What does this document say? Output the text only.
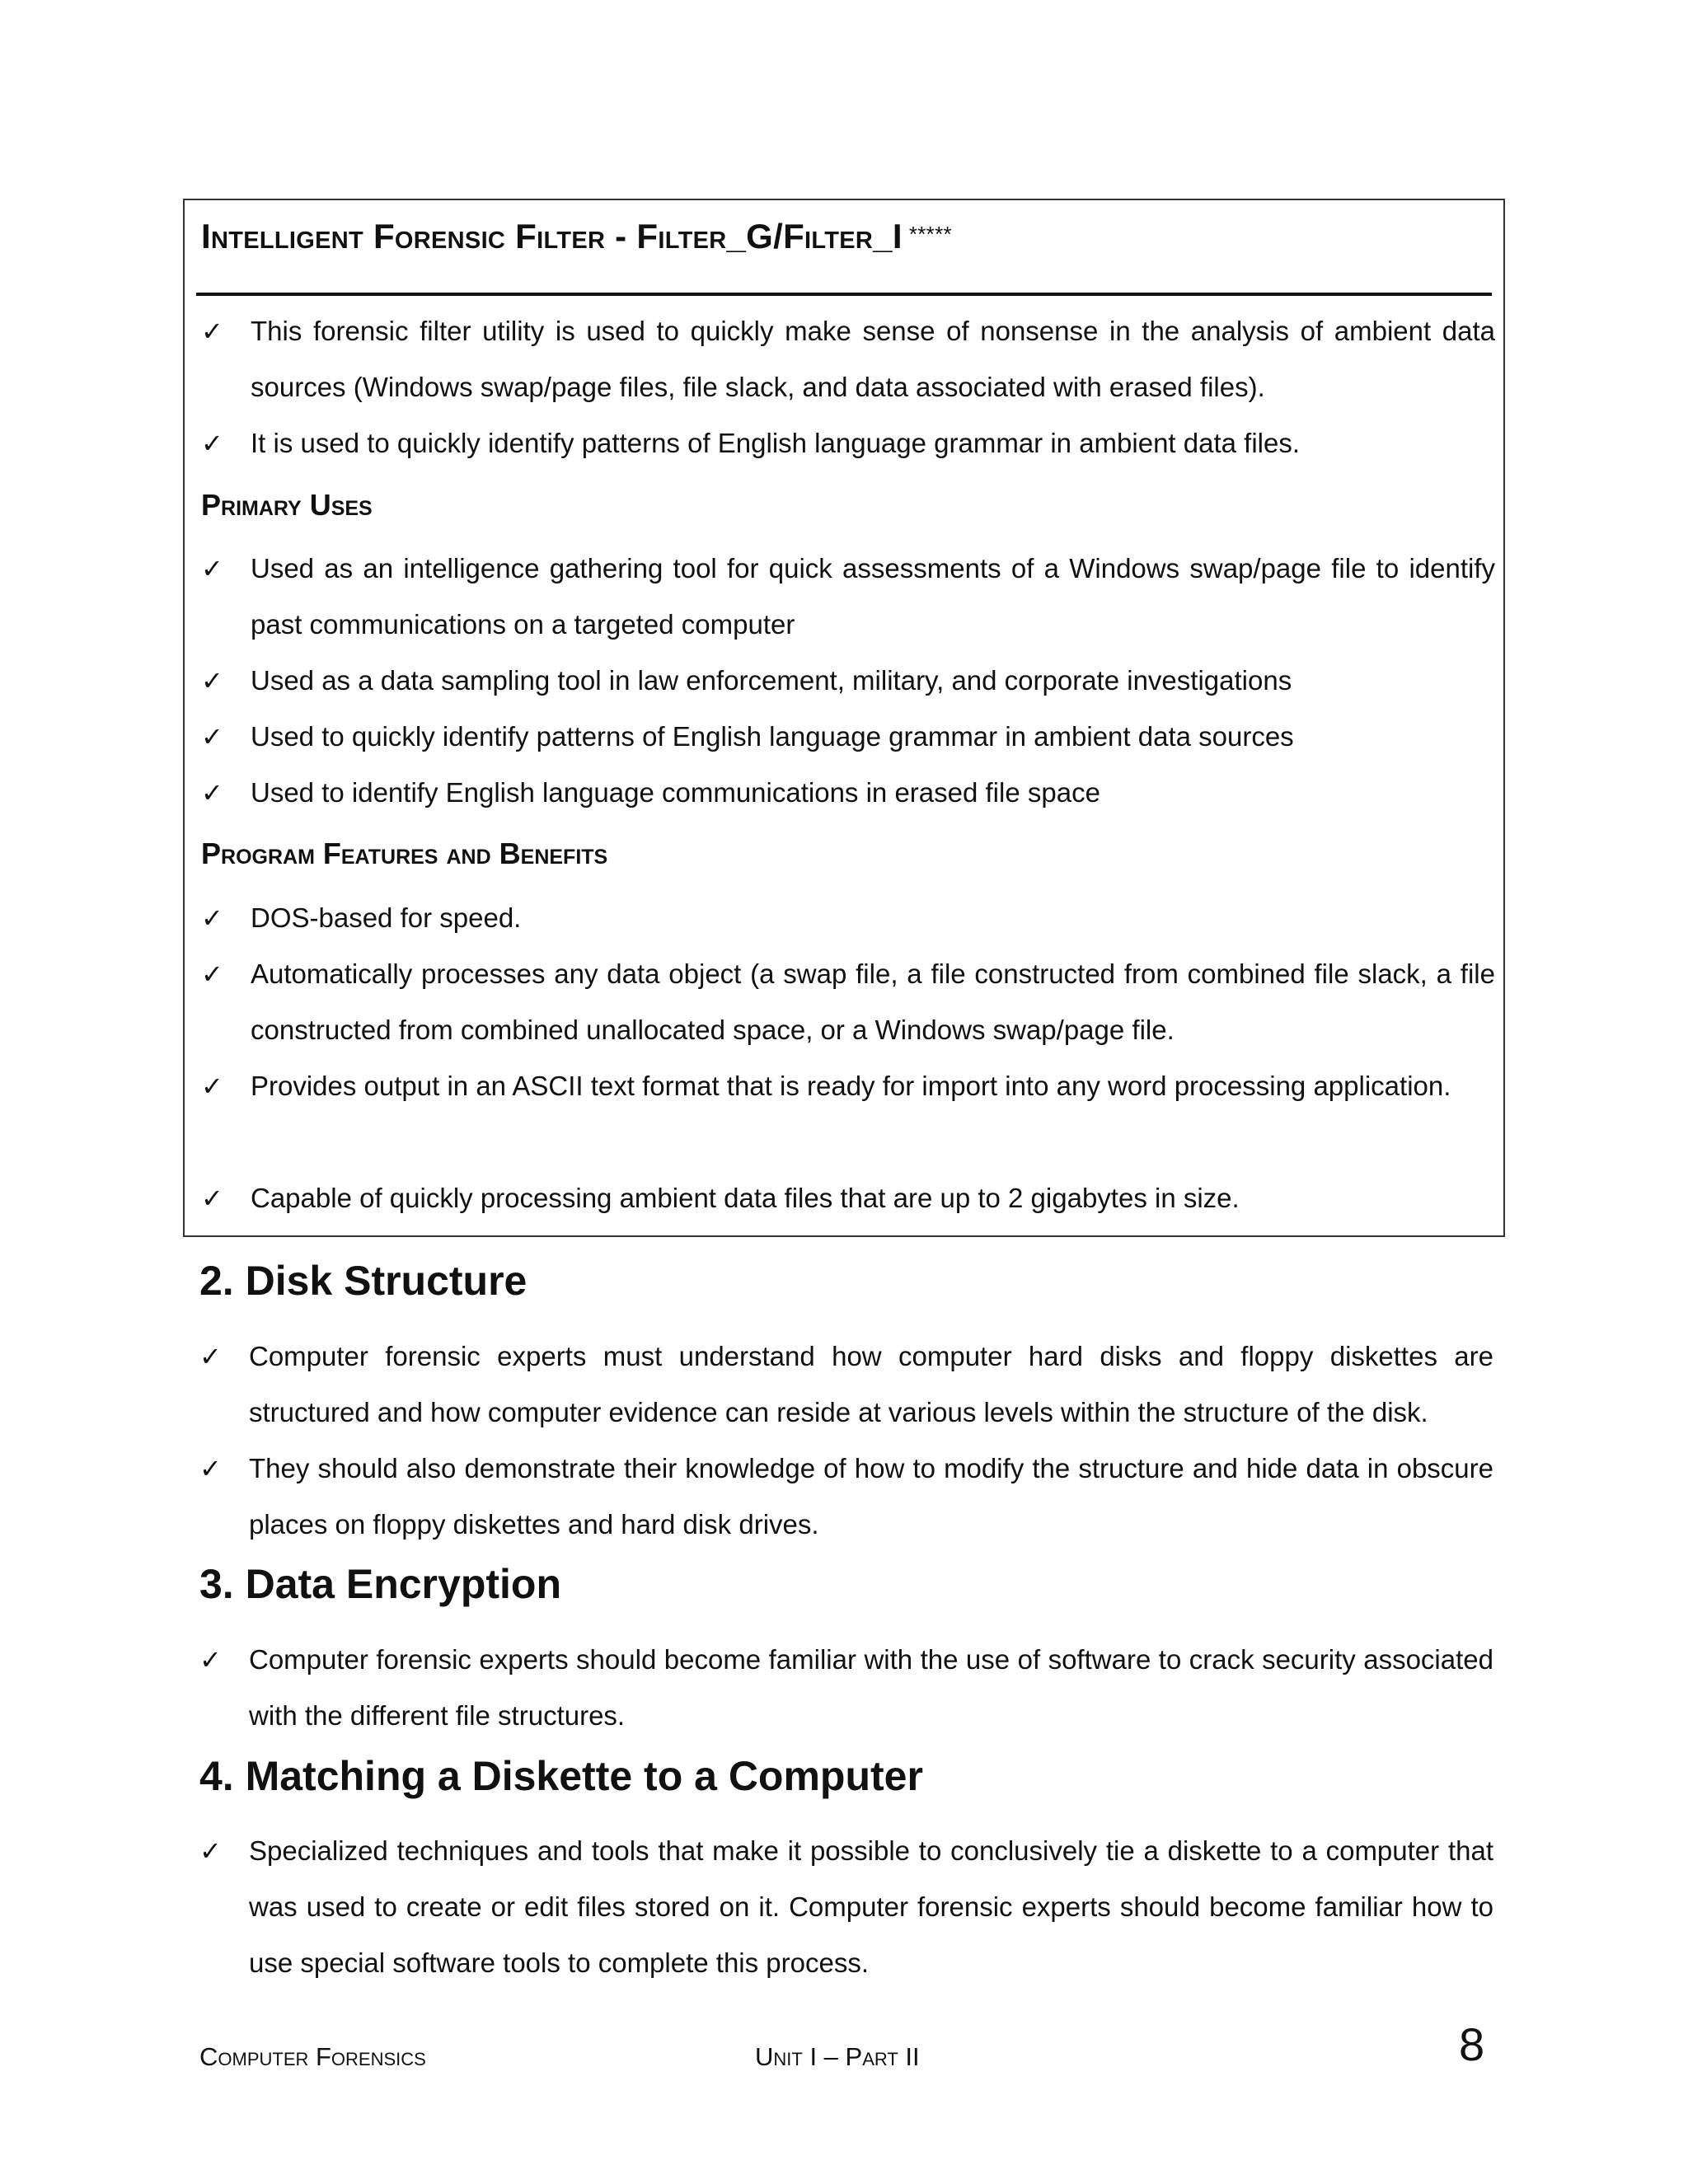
Intelligent Forensic Filter - Filter_G/Filter_I *****
✓	This forensic filter utility is used to quickly make sense of nonsense in the analysis of ambient data sources (Windows swap/page files, file slack, and data associated with erased files).
✓	It is used to quickly identify patterns of English language grammar in ambient data files.
Primary Uses
✓	Used as an intelligence gathering tool for quick assessments of a Windows swap/page file to identify past communications on a targeted computer
✓	Used as a data sampling tool in law enforcement, military, and corporate investigations
✓	Used to quickly identify patterns of English language grammar in ambient data sources
✓	Used to identify English language communications in erased file space
Program Features and Benefits
✓	DOS-based for speed.
✓	Automatically processes any data object (a swap file, a file constructed from combined file slack, a file constructed from combined unallocated space, or a Windows swap/page file.
✓	Provides output in an ASCII text format that is ready for import into any word processing application.
✓	Capable of quickly processing ambient data files that are up to 2 gigabytes in size.
2. Disk Structure
✓	Computer forensic experts must understand how computer hard disks and floppy diskettes are structured and how computer evidence can reside at various levels within the structure of the disk.
✓	They should also demonstrate their knowledge of how to modify the structure and hide data in obscure places on floppy diskettes and hard disk drives.
3. Data Encryption
✓	Computer forensic experts should become familiar with the use of software to crack security associated with the different file structures.
4. Matching a Diskette to a Computer
✓	Specialized techniques and tools that make it possible to conclusively tie a diskette to a computer that was used to create or edit files stored on it. Computer forensic experts should become familiar how to use special software tools to complete this process.
Computer Forensics	Unit I – Part II	8
